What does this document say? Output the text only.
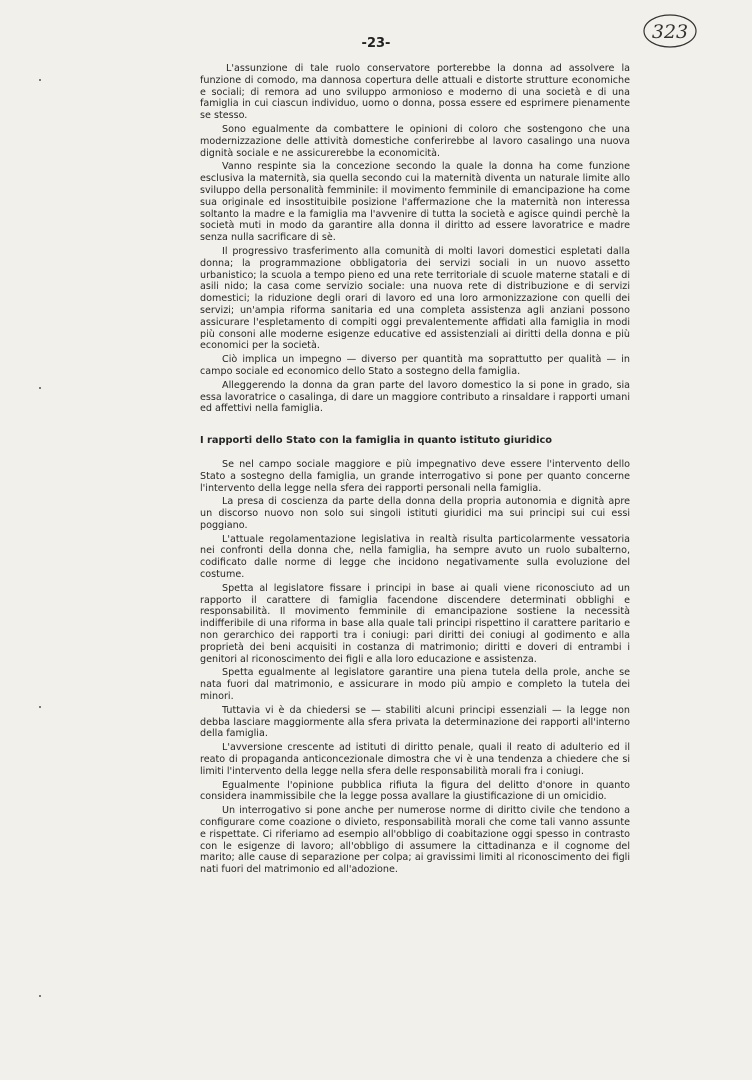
-23-
323

L'assunzione di tale ruolo conservatore porterebbe la donna ad assolvere la funzione di comodo, ma dannosa copertura delle attuali e distorte strutture economiche e sociali; di remora ad uno sviluppo armonioso e moderno di una società e di una famiglia in cui ciascun individuo, uomo o donna, possa essere ed esprimere pienamente se stesso.

Sono egualmente da combattere le opinioni di coloro che sostengono che una modernizzazione delle attività domestiche conferirebbe al lavoro casalingo una nuova dignità sociale e ne assicurerebbe la economicità.

Vanno respinte sia la concezione secondo la quale la donna ha come funzione esclusiva la maternità, sia quella secondo cui la maternità diventa un naturale limite allo sviluppo della personalità femminile: il movimento femminile di emancipazione ha come sua originale ed insostituibile posizione l'affermazione che la maternità non interessa soltanto la madre e la famiglia ma l'avvenire di tutta la società e agisce quindi perchè la società muti in modo da garantire alla donna il diritto ad essere lavoratrice e madre senza nulla sacrificare di sè.

Il progressivo trasferimento alla comunità di molti lavori domestici espletati dalla donna; la programmazione obbligatoria dei servizi sociali in un nuovo assetto urbanistico; la scuola a tempo pieno ed una rete territoriale di scuole materne statali e di asili nido; la casa come servizio sociale: una nuova rete di distribuzione e di servizi domestici; la riduzione degli orari di lavoro ed una loro armonizzazione con quelli dei servizi; un'ampia riforma sanitaria ed una completa assistenza agli anziani possono assicurare l'espletamento di compiti oggi prevalentemente affidati alla famiglia in modi più consoni alle moderne esigenze educative ed assistenziali ai diritti della donna e più economici per la società.

Ciò implica un impegno — diverso per quantità ma soprattutto per qualità — in campo sociale ed economico dello Stato a sostegno della famiglia.

Alleggerendo la donna da gran parte del lavoro domestico la si pone in grado, sia essa lavoratrice o casalinga, di dare un maggiore contributo a rinsaldare i rapporti umani ed affettivi nella famiglia.

I rapporti dello Stato con la famiglia in quanto istituto giuridico

Se nel campo sociale maggiore e più impegnativo deve essere l'intervento dello Stato a sostegno della famiglia, un grande interrogativo si pone per quanto concerne l'intervento della legge nella sfera dei rapporti personali nella famiglia.

La presa di coscienza da parte della donna della propria autonomia e dignità apre un discorso nuovo non solo sui singoli istituti giuridici ma sui principi sui cui essi poggiano.

L'attuale regolamentazione legislativa in realtà risulta particolarmente vessatoria nei confronti della donna che, nella famiglia, ha sempre avuto un ruolo subalterno, codificato dalle norme di legge che incidono negativamente sulla evoluzione del costume.

Spetta al legislatore fissare i principi in base ai quali viene riconosciuto ad un rapporto il carattere di famiglia facendone discendere determinati obblighi e responsabilità. Il movimento femminile di emancipazione sostiene la necessità indifferibile di una riforma in base alla quale tali principi rispettino il carattere paritario e non gerarchico dei rapporti tra i coniugi: pari diritti dei coniugi al godimento e alla proprietà dei beni acquisiti in costanza di matrimonio; diritti e doveri di entrambi i genitori al riconoscimento dei figli e alla loro educazione e assistenza.

Spetta egualmente al legislatore garantire una piena tutela della prole, anche se nata fuori dal matrimonio, e assicurare in modo più ampio e completo la tutela dei minori.

Tuttavia vi è da chiedersi se — stabiliti alcuni principi essenziali — la legge non debba lasciare maggiormente alla sfera privata la determinazione dei rapporti all'interno della famiglia.

L'avversione crescente ad istituti di diritto penale, quali il reato di adulterio ed il reato di propaganda anticoncezionale dimostra che vi è una tendenza a chiedere che si limiti l'intervento della legge nella sfera delle responsabilità morali fra i coniugi.

Egualmente l'opinione pubblica rifiuta la figura del delitto d'onore in quanto considera inammissibile che la legge possa avallare la giustificazione di un omicidio.

Un interrogativo si pone anche per numerose norme di diritto civile che tendono a configurare come coazione o divieto, responsabilità morali che come tali vanno assunte e rispettate. Ci riferiamo ad esempio all'obbligo di coabitazione oggi spesso in contrasto con le esigenze di lavoro; all'obbligo di assumere la cittadinanza e il cognome del marito; alle cause di separazione per colpa; ai gravissimi limiti al riconoscimento dei figli nati fuori del matrimonio ed all'adozione.
